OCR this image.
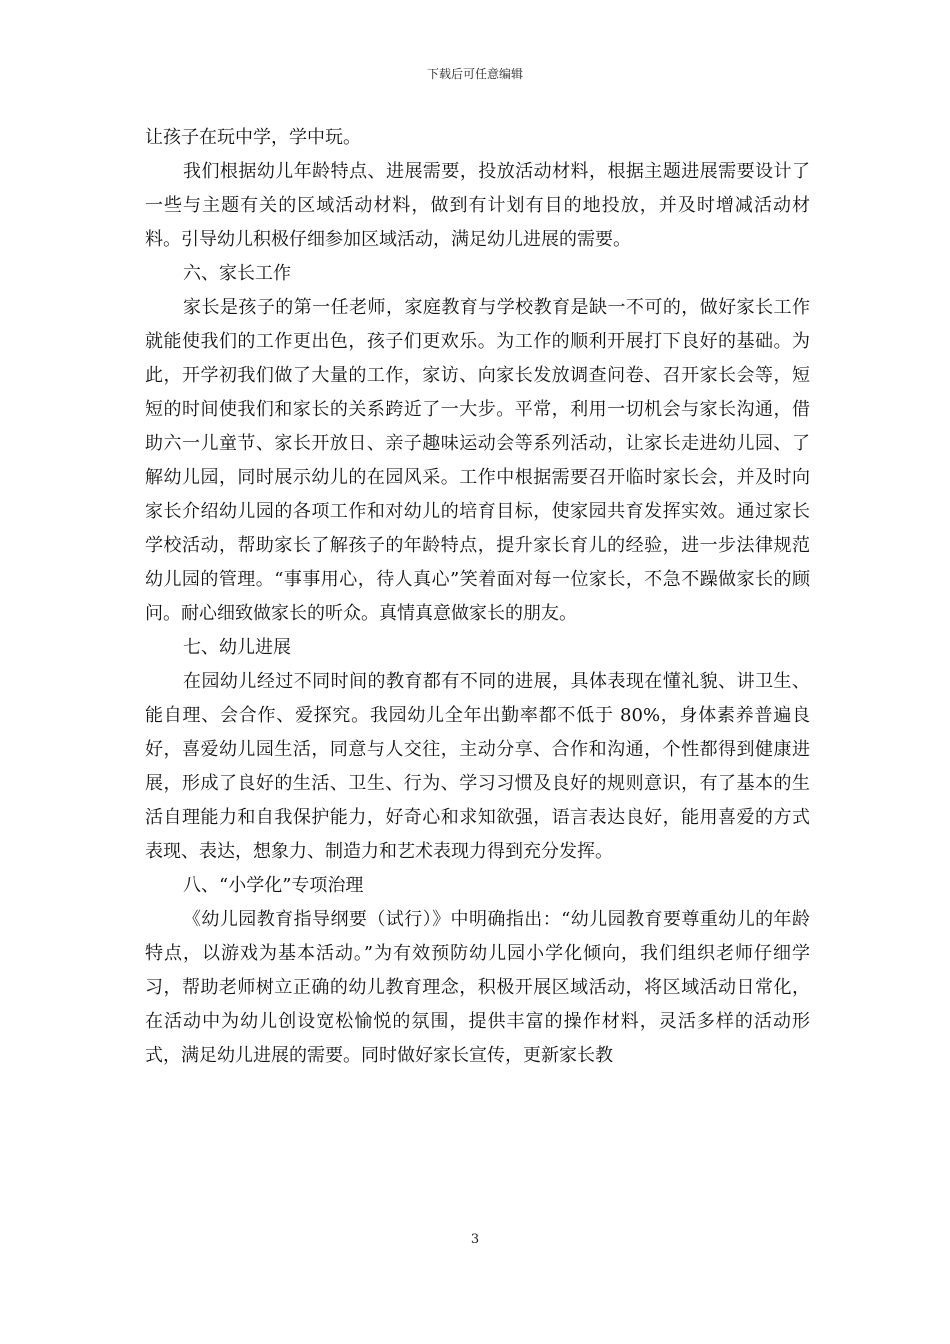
下载后可任意编辑

让孩子在玩中学，学中玩。

我们根据幼儿年龄特点、进展需要，投放活动材料，根据主题进展需要设计了一些与主题有关的区域活动材料，做到有计划有目的地投放，并及时增减活动材料。引导幼儿积极仔细参加区域活动，满足幼儿进展的需要。

六、家长工作

家长是孩子的第一任老师，家庭教育与学校教育是缺一不可的，做好家长工作就能使我们的工作更出色，孩子们更欢乐。为工作的顺利开展打下良好的基础。为此，开学初我们做了大量的工作，家访、向家长发放调查问卷、召开家长会等，短短的时间使我们和家长的关系跨近了一大步。平常，利用一切机会与家长沟通，借助六一儿童节、家长开放日、亲子趣味运动会等系列活动，让家长走进幼儿园、了解幼儿园，同时展示幼儿的在园风采。工作中根据需要召开临时家长会，并及时向家长介绍幼儿园的各项工作和对幼儿的培育目标，使家园共育发挥实效。通过家长学校活动，帮助家长了解孩子的年龄特点，提升家长育儿的经验，进一步法律规范幼儿园的管理。“事事用心，待人真心”笑着面对每一位家长，不急不躁做家长的顾问。耐心细致做家长的听众。真情真意做家长的朋友。

七、幼儿进展

在园幼儿经过不同时间的教育都有不同的进展，具体表现在懂礼貌、讲卫生、能自理、会合作、爱探究。我园幼儿全年出勤率都不低于 80%，身体素养普遍良好，喜爱幼儿园生活，同意与人交往，主动分享、合作和沟通，个性都得到健康进展，形成了良好的生活、卫生、行为、学习习惯及良好的规则意识，有了基本的生活自理能力和自我保护能力，好奇心和求知欲强，语言表达良好，能用喜爱的方式表现、表达，想象力、制造力和艺术表现力得到充分发挥。

八、“小学化”专项治理

《幼儿园教育指导纲要（试行）》中明确指出：“幼儿园教育要尊重幼儿的年龄特点，以游戏为基本活动。”为有效预防幼儿园小学化倾向，我们组织老师仔细学习，帮助老师树立正确的幼儿教育理念，积极开展区域活动，将区域活动日常化，在活动中为幼儿创设宽松愉悦的氛围，提供丰富的操作材料，灵活多样的活动形式，满足幼儿进展的需要。同时做好家长宣传，更新家长教

3
